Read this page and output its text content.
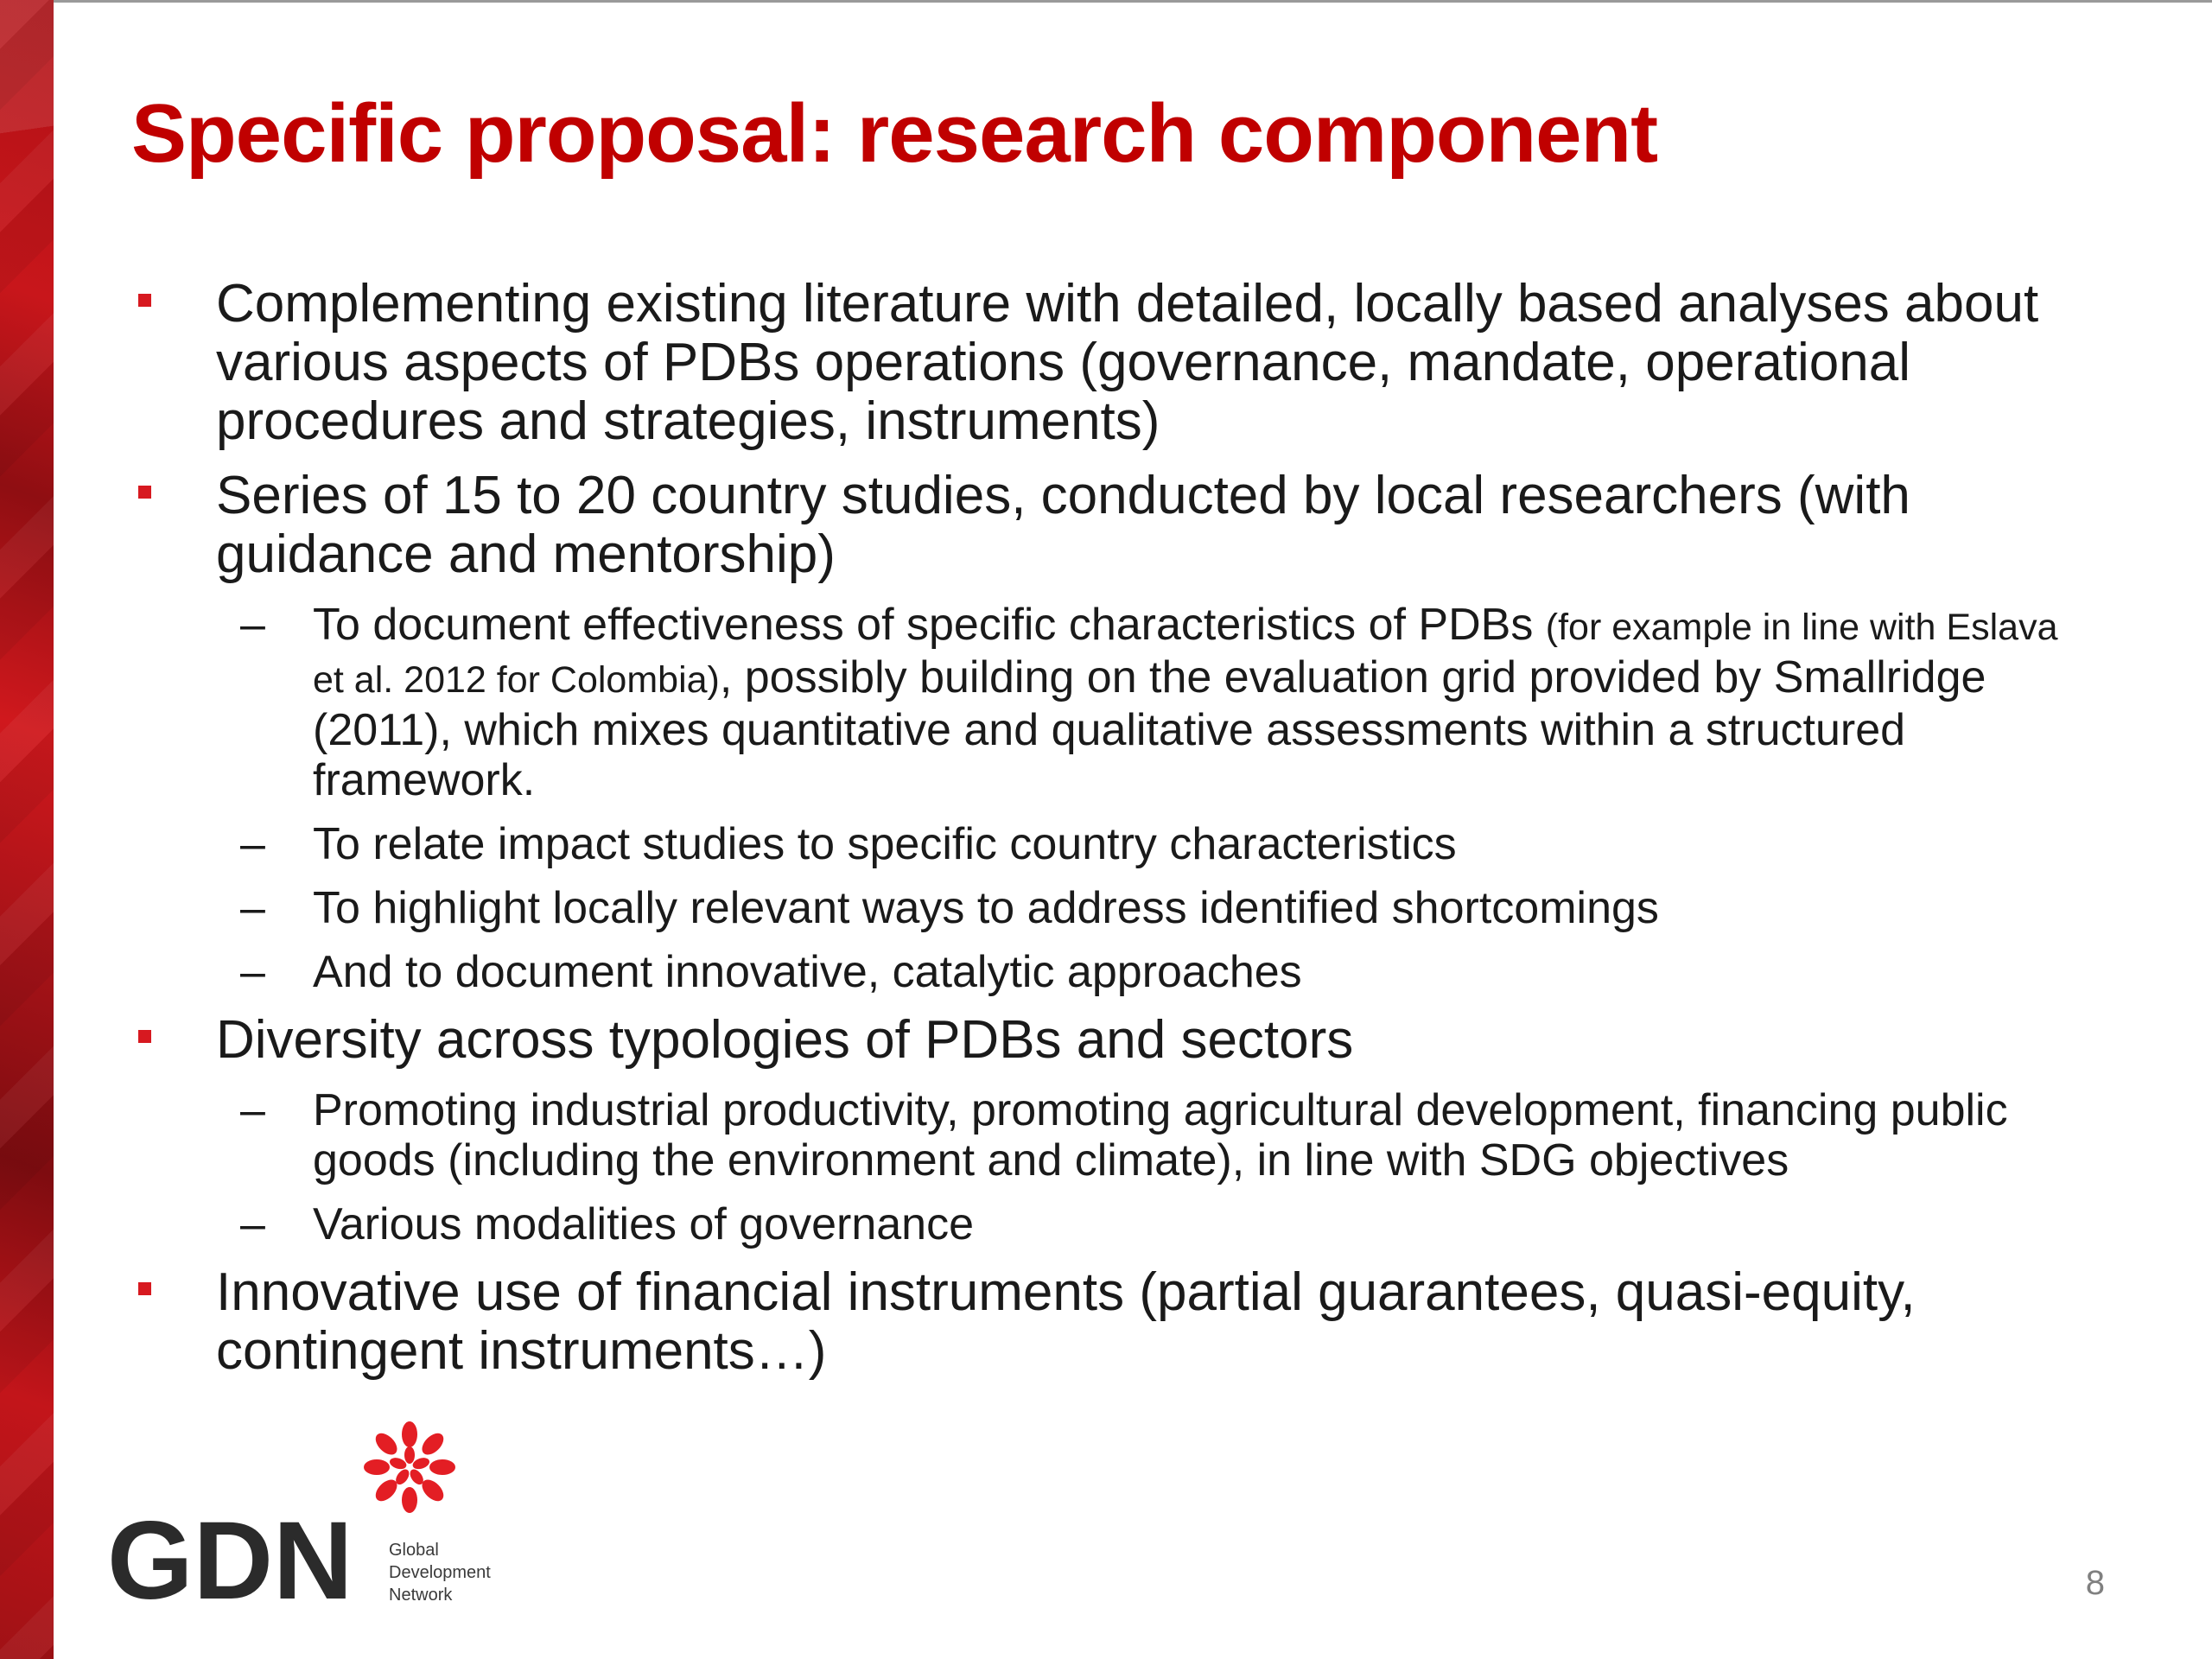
Specific proposal: research component
Complementing existing literature with detailed, locally based analyses about various aspects of PDBs operations (governance, mandate, operational procedures and strategies, instruments)
Series of 15 to 20 country studies, conducted by local researchers (with guidance and mentorship)
– To document effectiveness of specific characteristics of PDBs (for example in line with Eslava et al. 2012 for Colombia), possibly building on the evaluation grid provided by Smallridge (2011), which mixes quantitative and qualitative assessments within a structured framework.
– To relate impact studies to specific country characteristics
– To highlight locally relevant ways to address identified shortcomings
– And to document innovative, catalytic approaches
Diversity across typologies of PDBs and sectors
– Promoting industrial productivity, promoting agricultural development, financing public goods (including the environment and climate), in line with SDG objectives
– Various modalities of governance
Innovative use of financial instruments (partial guarantees, quasi-equity, contingent instruments…)
GDN Global
Development
Network	8
